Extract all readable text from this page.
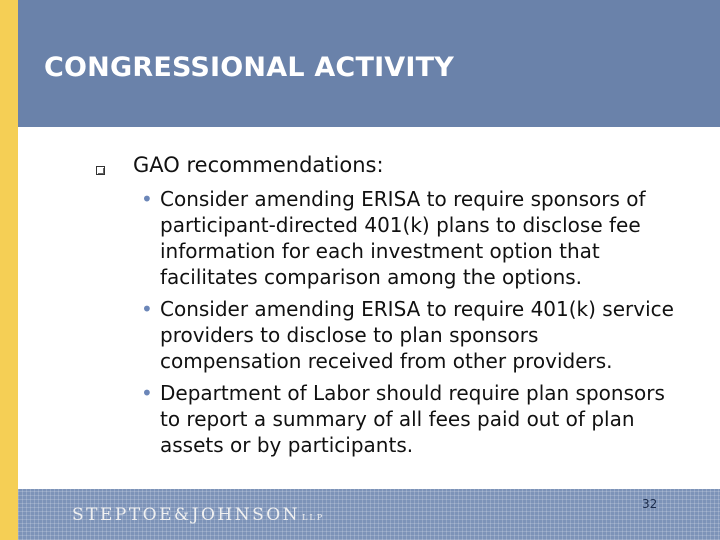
CONGRESSIONAL ACTIVITY

GAO recommendations:

• Consider amending ERISA to require sponsors of participant-directed 401(k) plans to disclose fee information for each investment option that facilitates comparison among the options.
• Consider amending ERISA to require 401(k) service providers to disclose to plan sponsors compensation received from other providers.
• Department of Labor should require plan sponsors to report a summary of all fees paid out of plan assets or by participants.
STEPTOE&JOHNSON LLP
32
